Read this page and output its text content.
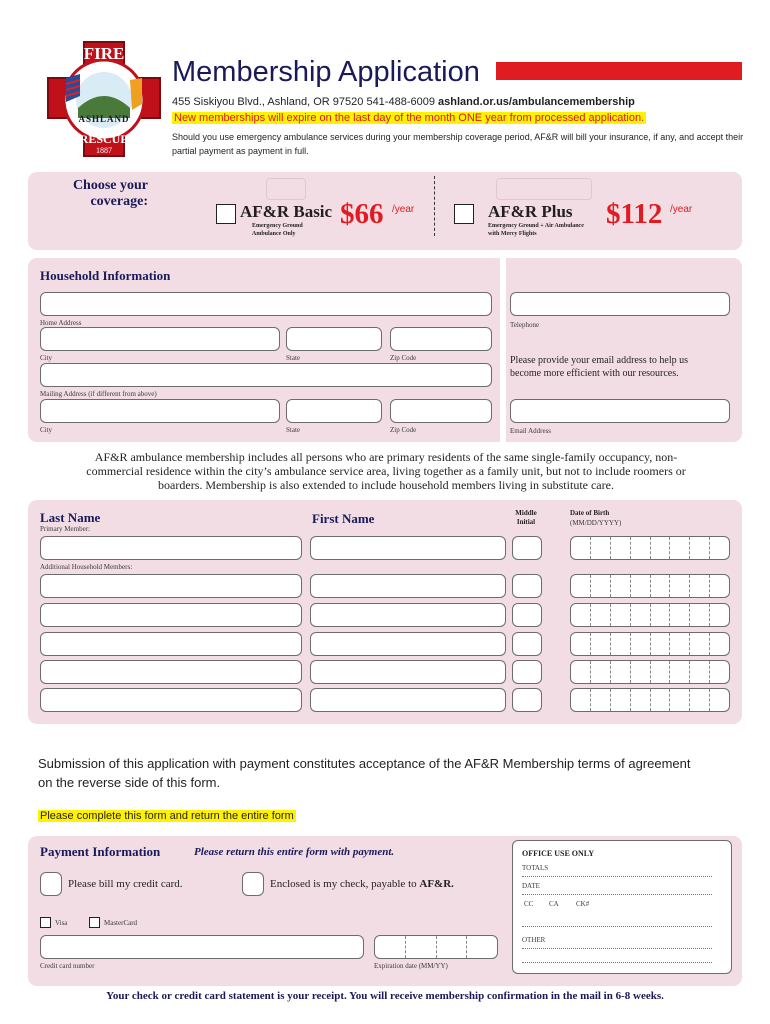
FIRE
ASHLAND
RESCUE
1887
Membership Application
455 Siskiyou Blvd., Ashland, OR 97520 541-488-6009 ashland.or.us/ambulancemembership
New memberships will expire on the last day of the month ONE year from processed application.
Should you use emergency ambulance services during your membership coverage period, AF&R will bill your insurance, if any, and accept their partial payment as payment in full.
Choose your coverage:
AF&R Basic
Emergency Ground Ambulance Only
$66 /year	AF&R Plus
Emergency Ground + Air Ambulance with Mercy Flights
$112 /year
Household Information
Home Address
City	State	Zip Code
Mailing Address (if different from above)
City	State	Zip Code
Telephone
Please provide your email address to help us become more efficient with our resources.
Email Address
AF&R ambulance membership includes all persons who are primary residents of the same single-family occupancy, non-commercial residence within the city’s ambulance service area, living together as a family unit, but not to include roomers or boarders. Membership is also extended to include household members living in substitute care.
Last Name
Primary Member:
First Name	Middle Initial
Date of Birth
(MM/DD/YYYY)
Additional Household Members:
Submission of this application with payment constitutes acceptance of the AF&R Membership terms of agreement on the reverse side of this form.
Please complete this form and return the entire form
Payment Information	Please return this entire form with payment.
Please bill my credit card.	Enclosed is my check, payable to AF&R.
Visa	MasterCard
Credit card number	Expiration date (MM/YY)
OFFICE USE ONLY
TOTALS
DATE
CC CA CK#
OTHER
Your check or credit card statement is your receipt. You will receive membership confirmation in the mail in 6-8 weeks.
